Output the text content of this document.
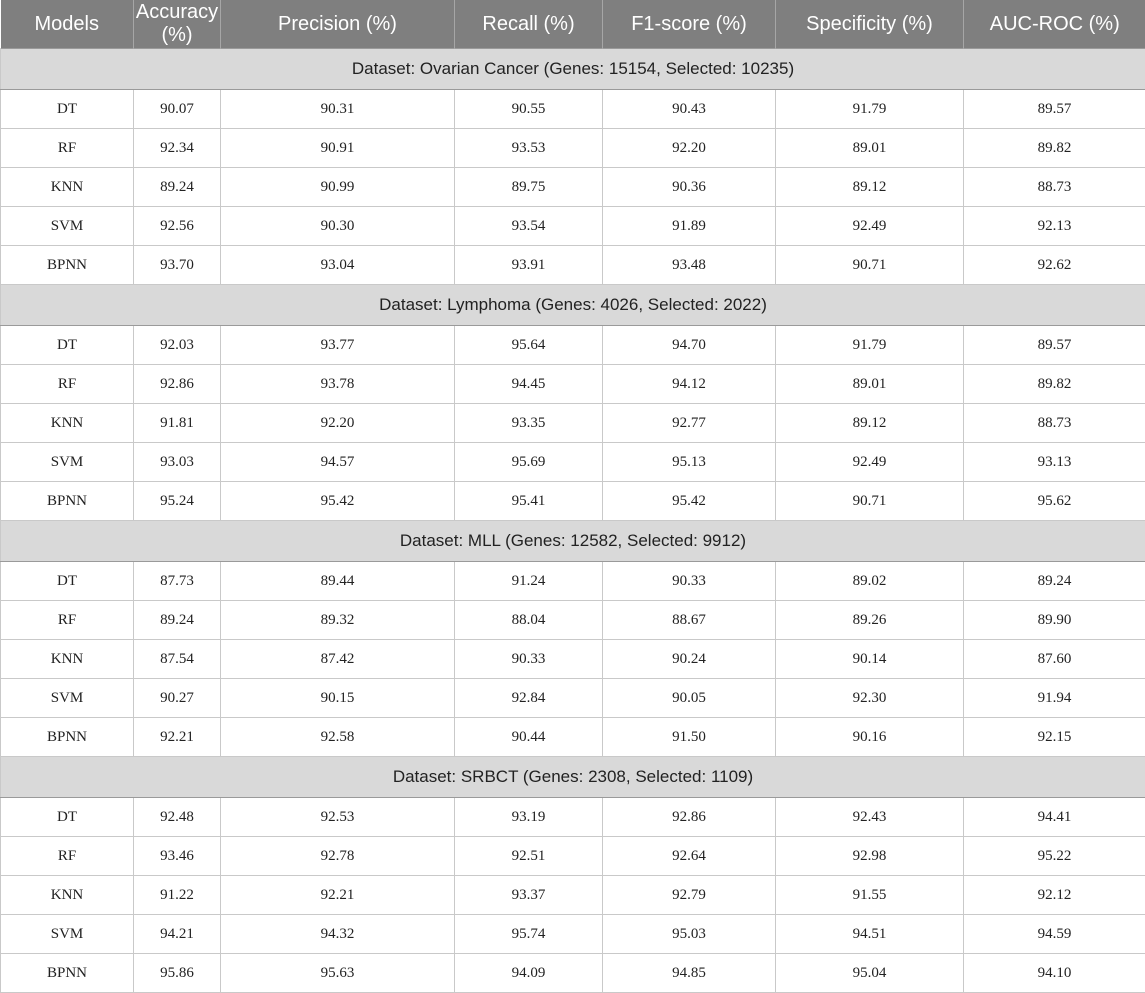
Models	Accuracy (%)	Precision (%)	Recall (%)	F1-score (%)	Specificity (%)	AUC-ROC (%)
Dataset: Ovarian Cancer (Genes: 15154, Selected: 10235)						
DT	90.07	90.31	90.55	90.43	91.79	89.57
RF	92.34	90.91	93.53	92.20	89.01	89.82
KNN	89.24	90.99	89.75	90.36	89.12	88.73
SVM	92.56	90.30	93.54	91.89	92.49	92.13
BPNN	93.70	93.04	93.91	93.48	90.71	92.62
Dataset: Lymphoma (Genes: 4026, Selected: 2022)						
DT	92.03	93.77	95.64	94.70	91.79	89.57
RF	92.86	93.78	94.45	94.12	89.01	89.82
KNN	91.81	92.20	93.35	92.77	89.12	88.73
SVM	93.03	94.57	95.69	95.13	92.49	93.13
BPNN	95.24	95.42	95.41	95.42	90.71	95.62
Dataset: MLL (Genes: 12582, Selected: 9912)						
DT	87.73	89.44	91.24	90.33	89.02	89.24
RF	89.24	89.32	88.04	88.67	89.26	89.90
KNN	87.54	87.42	90.33	90.24	90.14	87.60
SVM	90.27	90.15	92.84	90.05	92.30	91.94
BPNN	92.21	92.58	90.44	91.50	90.16	92.15
Dataset: SRBCT (Genes: 2308, Selected: 1109)						
DT	92.48	92.53	93.19	92.86	92.43	94.41
RF	93.46	92.78	92.51	92.64	92.98	95.22
KNN	91.22	92.21	93.37	92.79	91.55	92.12
SVM	94.21	94.32	95.74	95.03	94.51	94.59
BPNN	95.86	95.63	94.09	94.85	95.04	94.10
